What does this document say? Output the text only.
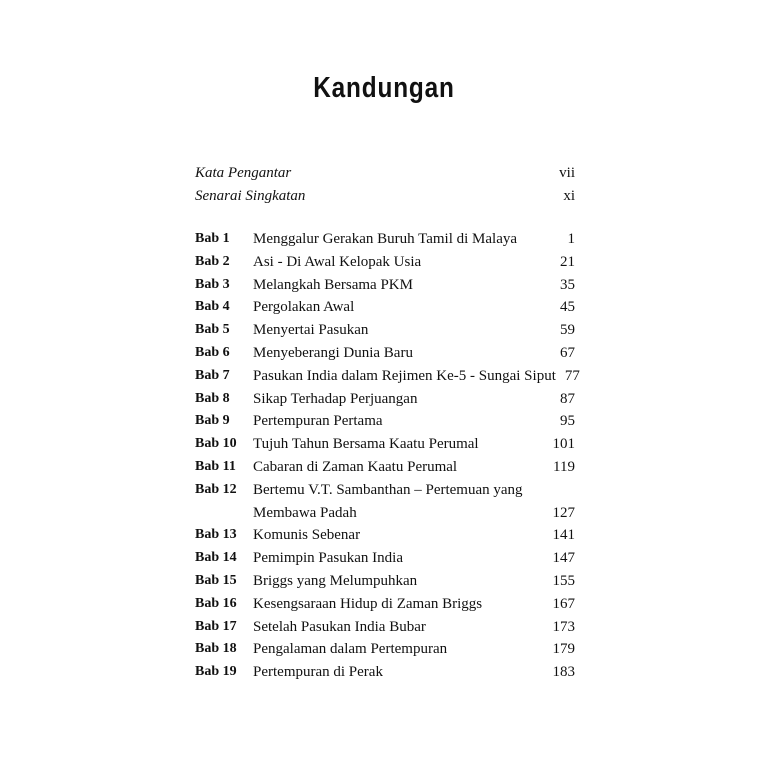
Kandungan
Kata Pengantar	vii
Senarai Singkatan	xi
Bab 1	Menggalur Gerakan Buruh Tamil di Malaya	1
Bab 2	Asi - Di Awal Kelopak Usia	21
Bab 3	Melangkah Bersama PKM	35
Bab 4	Pergolakan Awal	45
Bab 5	Menyertai Pasukan	59
Bab 6	Menyeberangi Dunia Baru	67
Bab 7	Pasukan India dalam Rejimen Ke-5 - Sungai Siput 77
Bab 8	Sikap Terhadap Perjuangan	87
Bab 9	Pertempuran Pertama	95
Bab 10	Tujuh Tahun Bersama Kaatu Perumal	101
Bab 11	Cabaran di Zaman Kaatu Perumal	119
Bab 12	Bertemu V.T. Sambanthan – Pertemuan yang
Membawa Padah	127
Bab 13	Komunis Sebenar	141
Bab 14	Pemimpin Pasukan India	147
Bab 15	Briggs yang Melumpuhkan	155
Bab 16	Kesengsaraan Hidup di Zaman Briggs	167
Bab 17	Setelah Pasukan India Bubar	173
Bab 18	Pengalaman dalam Pertempuran	179
Bab 19	Pertempuran di Perak	183
